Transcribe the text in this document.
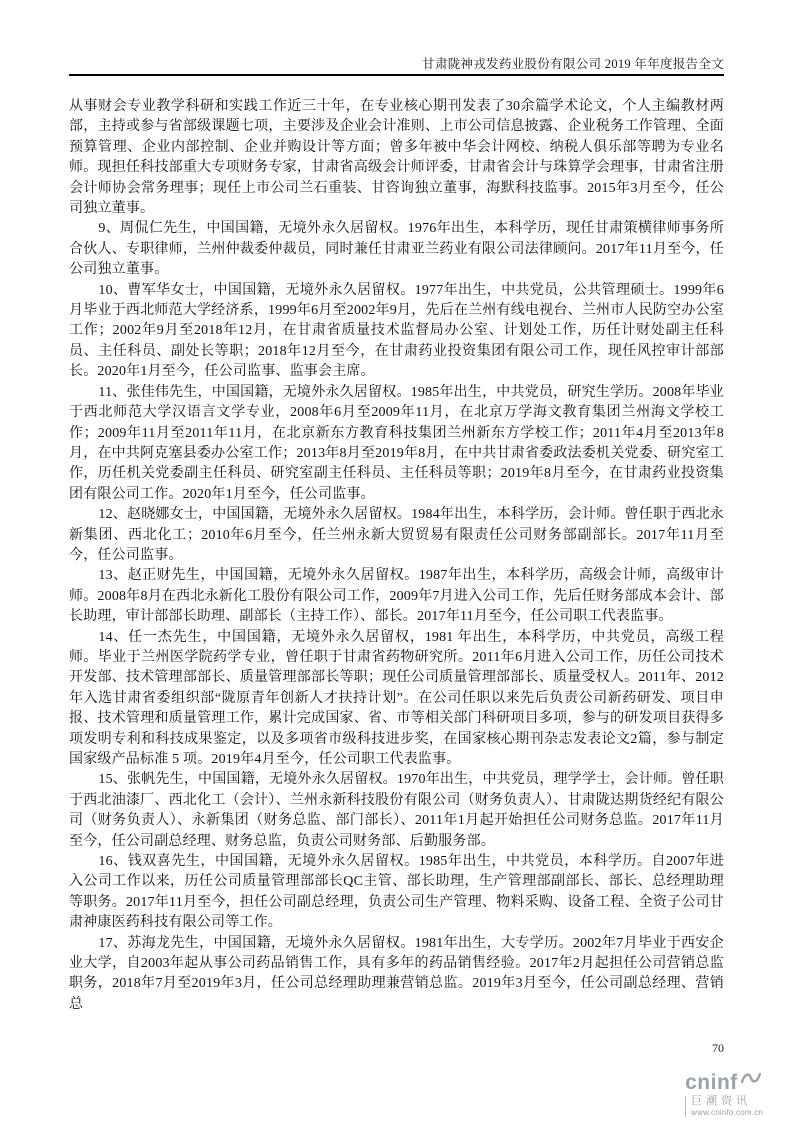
甘肃陇神戎发药业股份有限公司 2019 年年度报告全文

从事财会专业教学科研和实践工作近三十年，在专业核心期刊发表了30余篇学术论文，个人主编教材两部，主持或参与省部级课题七项，主要涉及企业会计准则、上市公司信息披露、企业税务工作管理、全面预算管理、企业内部控制、企业并购设计等方面；曾多年被中华会计网校、纳税人俱乐部等聘为专业名师。现担任科技部重大专项财务专家，甘肃省高级会计师评委，甘肃省会计与珠算学会理事，甘肃省注册会计师协会常务理事；现任上市公司兰石重装、甘咨询独立董事，海默科技监事。2015年3月至今，任公司独立董事。

9、周侃仁先生，中国国籍，无境外永久居留权。1976年出生，本科学历，现任甘肃策横律师事务所合伙人、专职律师，兰州仲裁委仲裁员，同时兼任甘肃亚兰药业有限公司法律顾问。2017年11月至今，任公司独立董事。

10、曹军华女士，中国国籍，无境外永久居留权。1977年出生，中共党员，公共管理硕士。1999年6月毕业于西北师范大学经济系，1999年6月至2002年9月，先后在兰州有线电视台、兰州市人民防空办公室工作；2002年9月至2018年12月，在甘肃省质量技术监督局办公室、计划处工作，历任计财处副主任科员、主任科员、副处长等职；2018年12月至今，在甘肃药业投资集团有限公司工作，现任风控审计部部长。2020年1月至今，任公司监事、监事会主席。

11、张佳伟先生，中国国籍，无境外永久居留权。1985年出生，中共党员，研究生学历。2008年毕业于西北师范大学汉语言文学专业，2008年6月至2009年11月，在北京万学海文教育集团兰州海文学校工作；2009年11月至2011年11月，在北京新东方教育科技集团兰州新东方学校工作；2011年4月至2013年8月，在中共阿克塞县委办公室工作；2013年8月至2019年8月，在中共甘肃省委政法委机关党委、研究室工作，历任机关党委副主任科员、研究室副主任科员、主任科员等职；2019年8月至今，在甘肃药业投资集团有限公司工作。2020年1月至今，任公司监事。

12、赵晓娜女士，中国国籍，无境外永久居留权。1984年出生，本科学历，会计师。曾任职于西北永新集团、西北化工；2010年6月至今，任兰州永新大贸贸易有限责任公司财务部副部长。2017年11月至今，任公司监事。

13、赵正财先生，中国国籍，无境外永久居留权。1987年出生，本科学历，高级会计师，高级审计师。2008年8月在西北永新化工股份有限公司工作，2009年7月进入公司工作，先后任财务部成本会计、部长助理，审计部部长助理、副部长（主持工作）、部长。2017年11月至今，任公司职工代表监事。

14、任一杰先生，中国国籍，无境外永久居留权，1981 年出生，本科学历，中共党员，高级工程师。毕业于兰州医学院药学专业，曾任职于甘肃省药物研究所。2011年6月进入公司工作，历任公司技术开发部、技术管理部部长、质量管理部部长等职；现任公司质量管理部部长、质量受权人。2011年、2012年入选甘肃省委组织部“陇原青年创新人才扶持计划”。在公司任职以来先后负责公司新药研发、项目申报、技术管理和质量管理工作，累计完成国家、省、市等相关部门科研项目多项，参与的研发项目获得多项发明专利和科技成果鉴定，以及多项省市级科技进步奖，在国家核心期刊杂志发表论文2篇，参与制定国家级产品标准 5 项。2019年4月至今，任公司职工代表监事。

15、张帆先生，中国国籍，无境外永久居留权。1970年出生，中共党员，理学学士，会计师。曾任职于西北油漆厂、西北化工（会计）、兰州永新科技股份有限公司（财务负责人）、甘肃陇达期货经纪有限公司（财务负责人）、永新集团（财务总监、部门部长）、2011年1月起开始担任公司财务总监。2017年11月至今，任公司副总经理、财务总监，负责公司财务部、后勤服务部。

16、钱双喜先生，中国国籍，无境外永久居留权。1985年出生，中共党员，本科学历。自2007年进入公司工作以来，历任公司质量管理部部长QC主管、部长助理，生产管理部副部长、部长、总经理助理等职务。2017年11月至今，担任公司副总经理，负责公司生产管理、物料采购、设备工程、全资子公司甘肃神康医药科技有限公司等工作。

17、苏海龙先生，中国国籍，无境外永久居留权。1981年出生，大专学历。2002年7月毕业于西安企业大学，自2003年起从事公司药品销售工作，具有多年的药品销售经验。2017年2月起担任公司营销总监职务，2018年7月至2019年3月，任公司总经理助理兼营销总监。2019年3月至今，任公司副总经理、营销总

70
cninf
巨潮资讯
www.cninfo.com.cn
